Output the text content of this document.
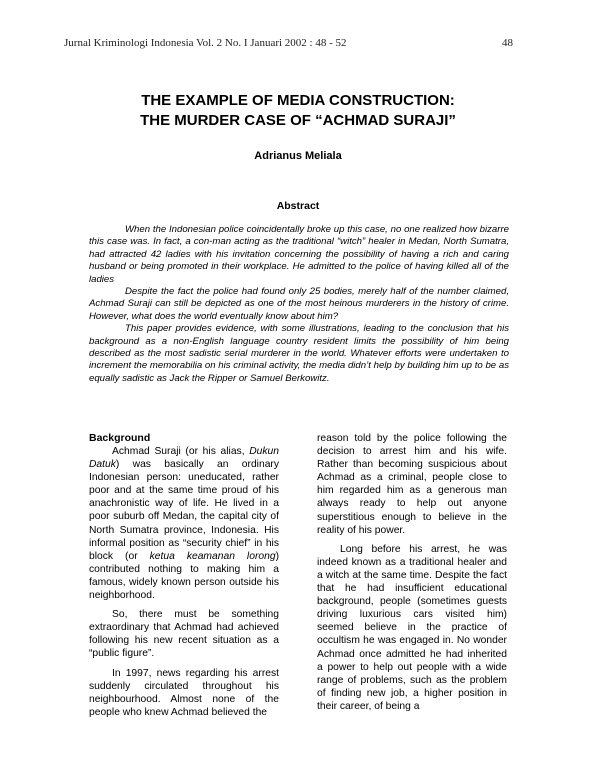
Jurnal Kriminologi Indonesia Vol. 2 No. I Januari 2002 : 48 - 52	48
THE EXAMPLE OF MEDIA CONSTRUCTION:
THE MURDER CASE OF “ACHMAD SURAJI”
Adrianus Meliala
Abstract

When the Indonesian police coincidentally broke up this case, no one realized how bizarre this case was. In fact, a con-man acting as the traditional “witch” healer in Medan, North Sumatra, had attracted 42 ladies with his invitation concerning the possibility of having a rich and caring husband or being promoted in their workplace. He admitted to the police of having killed all of the ladies

Despite the fact the police had found only 25 bodies, merely half of the number claimed, Achmad Suraji can still be depicted as one of the most heinous murderers in the history of crime. However, what does the world eventually know about him?

This paper provides evidence, with some illustrations, leading to the conclusion that his background as a non-English language country resident limits the possibility of him being described as the most sadistic serial murderer in the world. Whatever efforts were undertaken to increment the memorabilia on his criminal activity, the media didn’t help by building him up to be as equally sadistic as Jack the Ripper or Samuel Berkowitz.

Background

Achmad Suraji (or his alias, Dukun Datuk) was basically an ordinary Indonesian person: uneducated, rather poor and at the same time proud of his anachronistic way of life. He lived in a poor suburb off Medan, the capital city of North Sumatra province, Indonesia. His informal position as “security chief” in his block (or ketua keamanan lorong) contributed nothing to making him a famous, widely known person outside his neighborhood.

So, there must be something extraordinary that Achmad had achieved following his new recent situation as a “public figure”.

In 1997, news regarding his arrest suddenly circulated throughout his neighbourhood. Almost none of the people who knew Achmad believed the

reason told by the police following the decision to arrest him and his wife. Rather than becoming suspicious about Achmad as a criminal, people close to him regarded him as a generous man always ready to help out anyone superstitious enough to believe in the reality of his power.

Long before his arrest, he was indeed known as a traditional healer and a witch at the same time. Despite the fact that he had insufficient educational background, people (sometimes guests driving luxurious cars visited him) seemed believe in the practice of occultism he was engaged in. No wonder Achmad once admitted he had inherited a power to help out people with a wide range of problems, such as the problem of finding new job, a higher position in their career, of being a
